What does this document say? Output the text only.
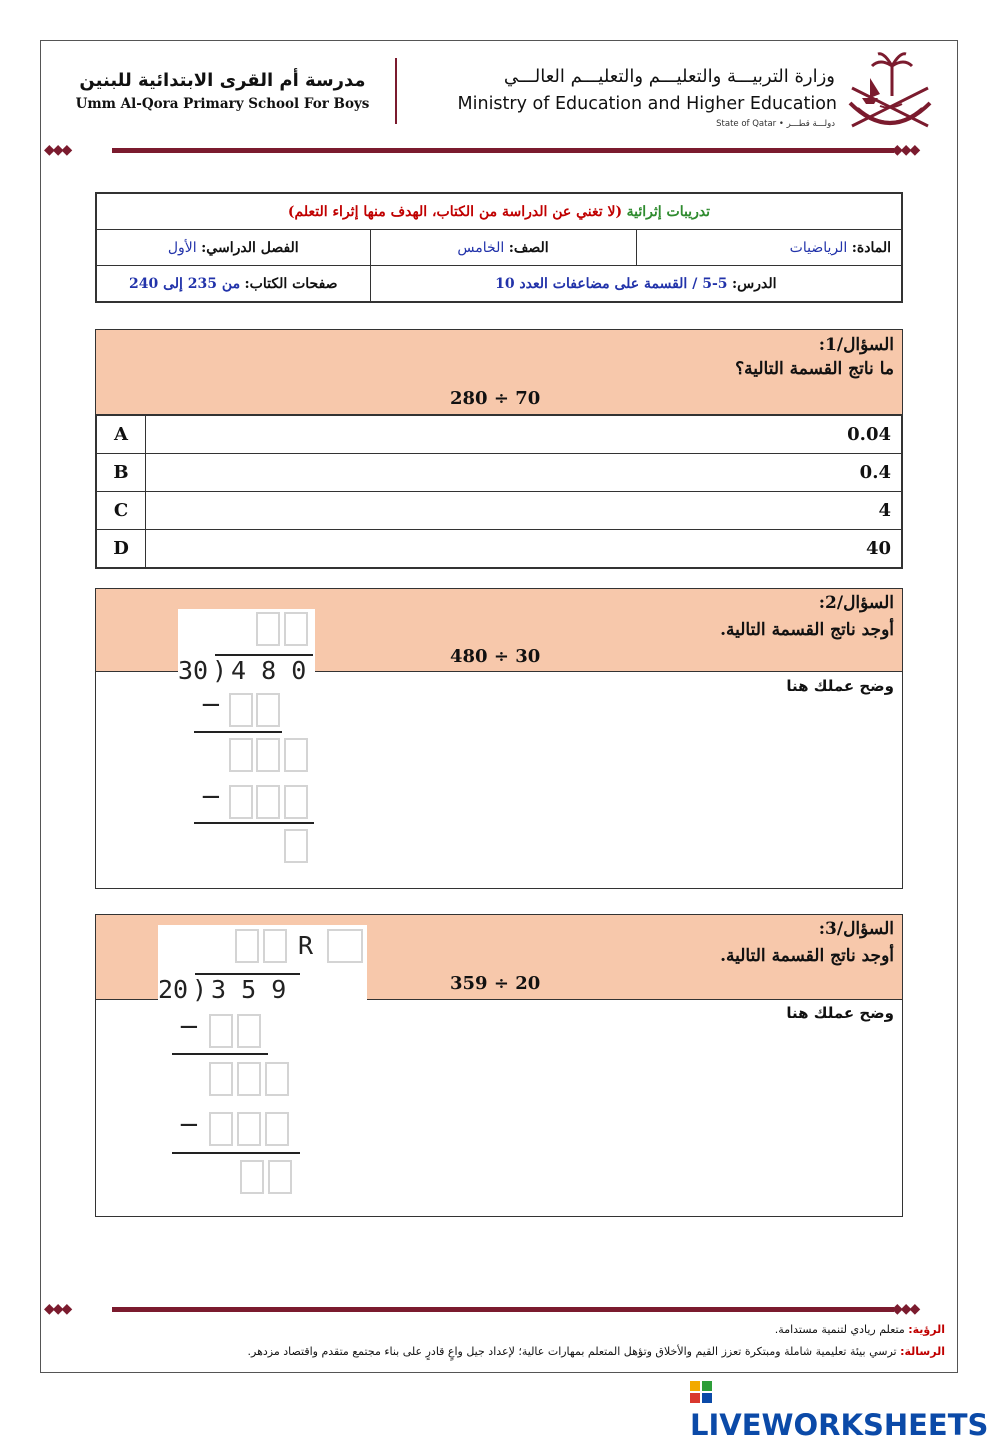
مدرسة أم القرى الابتدائية للبنين
Umm Al-Qora Primary School For Boys
وزارة التربيـــة والتعليـــم والتعليـــم العالـــي
Ministry of Education and Higher Education
State of Qatar • دولـــة قطـــر
◆◆◆	◆◆◆
تدريبات إثرائية (لا تغني عن الدراسة من الكتاب، الهدف منها إثراء التعلم)		
المادة: الرياضيات	الصف: الخامس	الفصل الدراسي: الأول
الدرس: 5-5 / القسمة على مضاعفات العدد 10		صفحات الكتاب: من 235 إلى 240
السؤال/1:
ما ناتج القسمة التالية؟
280 ÷ 70
A	0.04
B	0.4
C	4
D	40
السؤال/2:
أوجد ناتج القسمة التالية.
480 ÷ 30
وضح عملك هنا
30 ) 4 8 0
−
−
السؤال/3:
أوجد ناتج القسمة التالية.
359 ÷ 20
وضح عملك هنا
R
20 ) 3 5 9
−
−
◆◆◆	◆◆◆
الرؤية: متعلم ريادي لتنمية مستدامة.
الرسالة: ترسي بيئة تعليمية شاملة ومبتكرة تعزز القيم والأخلاق وتؤهل المتعلم بمهارات عالية؛ لإعداد جيل واعٍ قادرٍ على بناء مجتمع متقدم واقتصاد مزدهر.
LIVEWORKSHEETS
